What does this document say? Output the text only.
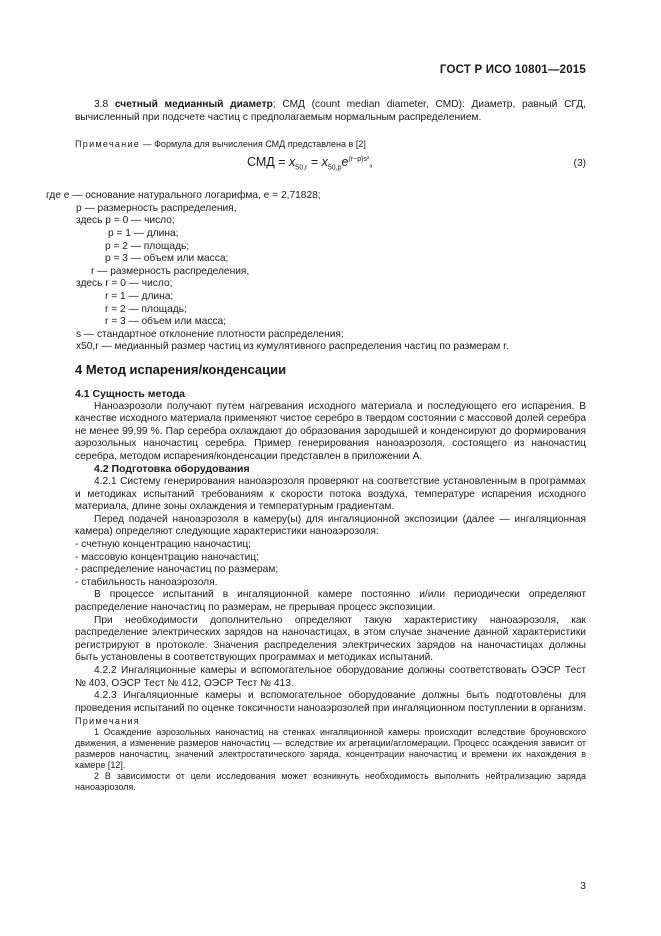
ГОСТ Р ИСО 10801—2015

3.8 счетный медианный диаметр; СМД (count median diameter, CMD): Диаметр, равный СГД, вычисленный при подсчете частиц с предполагаемым нормальным распределением.

Примечание — Формула для вычисления СМД представлена в [2]

СМД = $x_{50,r} = x_{50,p}e^{(r-p)s^2}$,	(3)
где e — основание натурального логарифма, e = 2,71828;
p — размерность распределения,
здесь p = 0 — число;
p = 1 — длина;
p = 2 — площадь;
p = 3 — объем или масса;
r — размерность распределения,
здесь r = 0 — число;
r = 1 — длина;
r = 2 — площадь;
r = 3 — объем или масса;
s — стандартное отклонение плотности распределения;
x50,r — медианный размер частиц из кумулятивного распределения частиц по размерам r.
4 Метод испарения/конденсации
4.1 Сущность метода

Наноаэрозоли получают путем нагревания исходного материала и последующего его испарения. В качестве исходного материала применяют чистое серебро в твердом состоянии с массовой долей серебра не менее 99,99 %. Пар серебра охлаждают до образования зародышей и конденсируют до формирования аэрозольных наночастиц серебра. Пример генерирования наноаэрозоля, состоящего из наночастиц серебра, методом испарения/конденсации представлен в приложении А.

4.2 Подготовка оборудования

4.2.1 Систему генерирования наноаэрозоля проверяют на соответствие установленным в программах и методиках испытаний требованиям к скорости потока воздуха, температуре испарения исходного материала, длине зоны охлаждения и температурным градиентам.

Перед подачей наноаэрозоля в камеру(ы) для ингаляционной экспозиции (далее — ингаляционная камера) определяют следующие характеристики наноаэрозоля:

- счетную концентрацию наночастиц;
- массовую концентрацию наночастиц;
- распределение наночастиц по размерам;
- стабильность наноаэрозоля.

В процессе испытаний в ингаляционной камере постоянно и/или периодически определяют распределение наночастиц по размерам, не прерывая процесс экспозиции.

При необходимости дополнительно определяют такую характеристику наноаэрозоля, как распределение электрических зарядов на наночастицах, в этом случае значение данной характеристики регистрируют в протоколе. Значения распределения электрических зарядов на наночастицах должны быть установлены в соответствующих программах и методиках испытаний.

4.2.2 Ингаляционные камеры и вспомогательное оборудование должны соответствовать ОЭСР Тест № 403, ОЭСР Тест № 412, ОЭСР Тест № 413.

4.2.3 Ингаляционные камеры и вспомогательное оборудование должны быть подготовлены для проведения испытаний по оценке токсичности наноаэрозолей при ингаляционном поступлении в организм.

Примечания

1 Осаждение аэрозольных наночастиц на стенках ингаляционной камеры происходит вследствие броуновского движения, а изменение размеров наночастиц — вследствие их агрегации/агломерации. Процесс осаждения зависит от размеров наночастиц, значений электростатического заряда, концентрации наночастиц и времени их нахождения в камере [12].

2 В зависимости от цели исследования может возникнуть необходимость выполнить нейтрализацию заряда наноаэрозоля.

3
